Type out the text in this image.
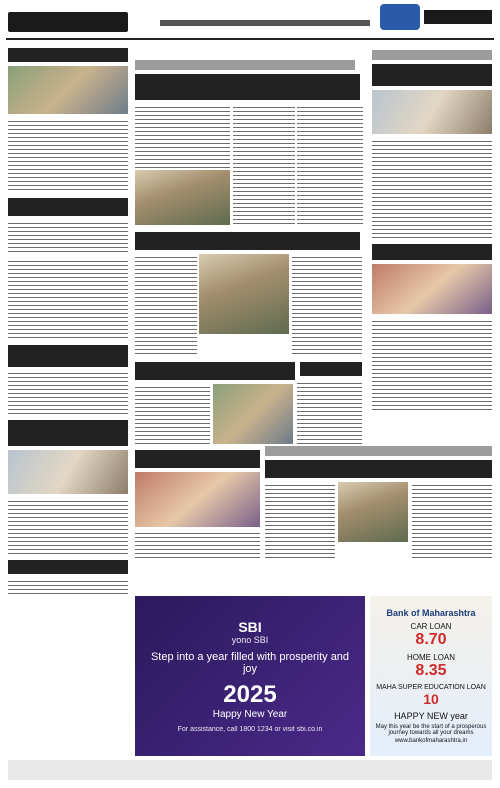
SBI
yono SBI
Step into a year filled with prosperity and joy
2025
Happy New Year
For assistance, call 1800 1234 or visit sbi.co.in
Bank of Maharashtra
CAR LOAN
8.70
HOME LOAN
8.35
MAHA SUPER EDUCATION LOAN
10
HAPPY NEW year
May this year be the start of a prosperous journey towards all your dreams
www.bankofmaharashtra.in
